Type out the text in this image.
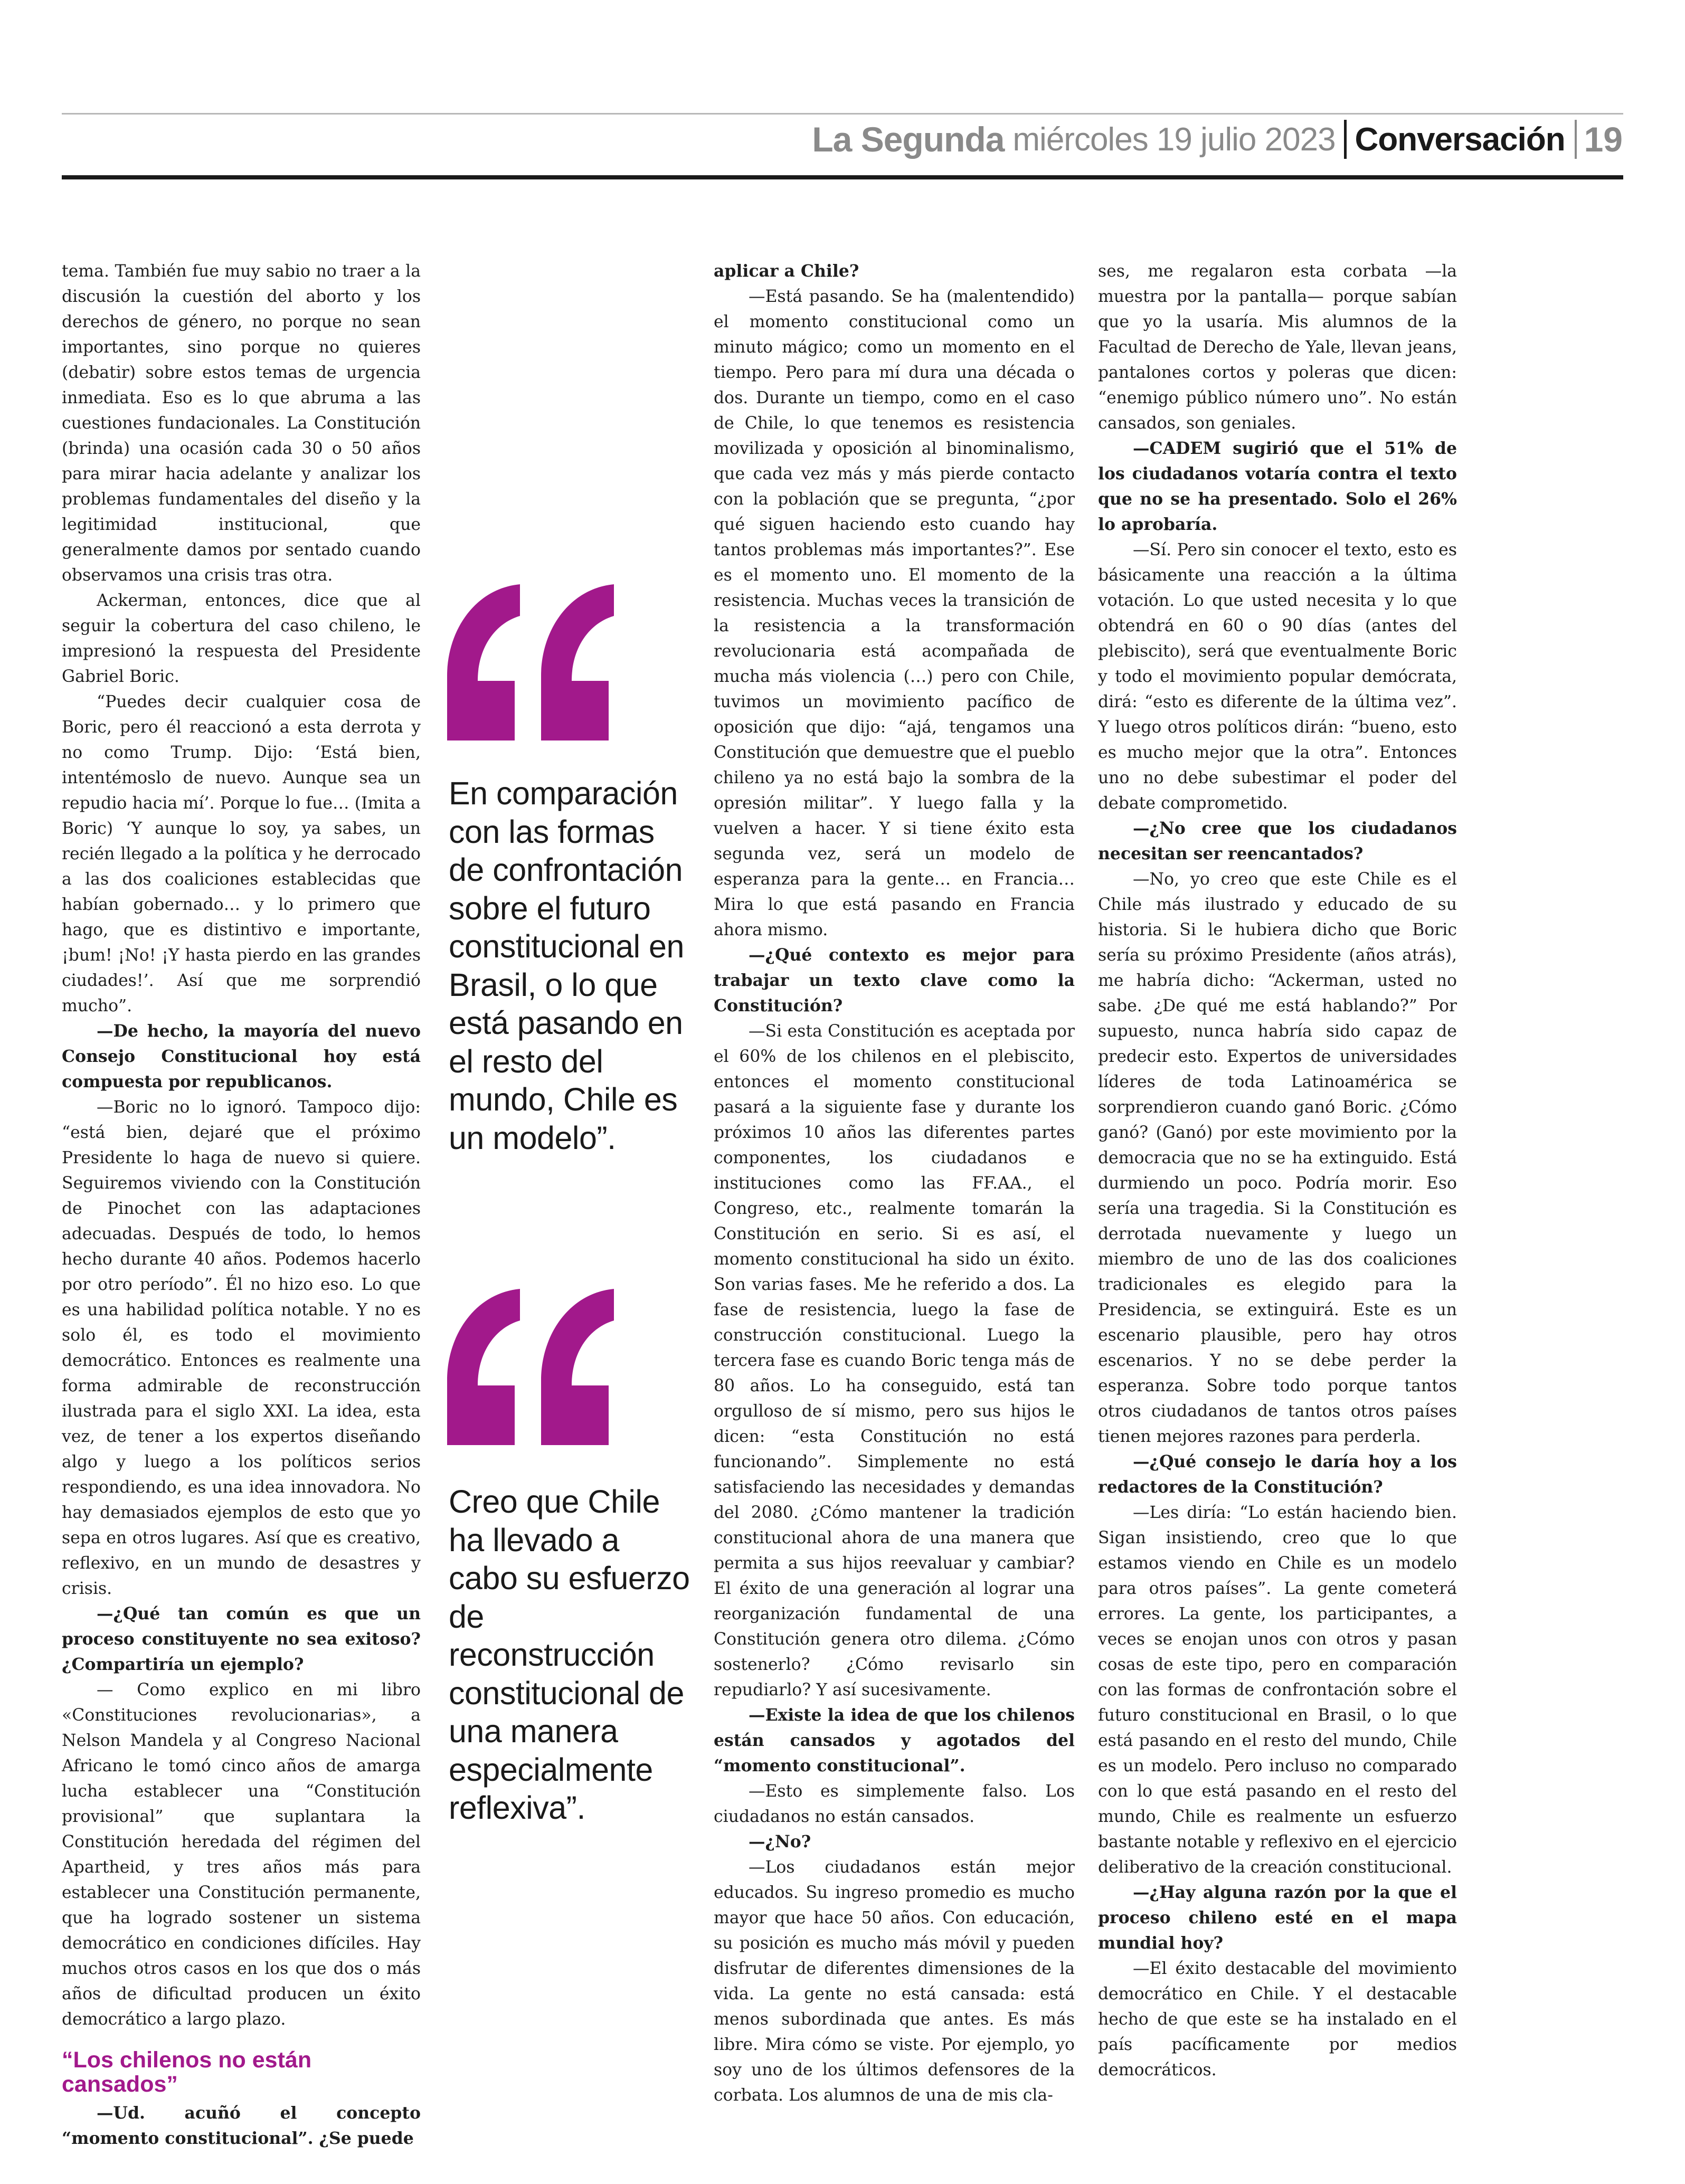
La Segunda miércoles 19 julio 2023 Conversación 19

tema. También fue muy sabio no traer a la discusión la cuestión del aborto y los derechos de género, no porque no sean importantes, sino porque no quieres (debatir) sobre estos temas de urgencia inmediata. Eso es lo que abruma a las cuestiones fundacionales. La Constitución (brinda) una ocasión cada 30 o 50 años para mirar hacia adelante y analizar los problemas fundamentales del diseño y la legitimidad institucional, que generalmente damos por sentado cuando observamos una crisis tras otra.

Ackerman, entonces, dice que al seguir la cobertura del caso chileno, le impresionó la respuesta del Presidente Gabriel Boric.

“Puedes decir cualquier cosa de Boric, pero él reaccionó a esta derrota y no como Trump. Dijo: ‘Está bien, intentémoslo de nuevo. Aunque sea un repudio hacia mí’. Porque lo fue… (Imita a Boric) ‘Y aunque lo soy, ya sabes, un recién llegado a la política y he derrocado a las dos coaliciones establecidas que habían gobernado… y lo primero que hago, que es distintivo e importante, ¡bum! ¡No! ¡Y hasta pierdo en las grandes ciudades!’. Así que me sorprendió mucho”.

—De hecho, la mayoría del nuevo Consejo Constitucional hoy está compuesta por republicanos.

—Boric no lo ignoró. Tampoco dijo: “está bien, dejaré que el próximo Presidente lo haga de nuevo si quiere. Seguiremos viviendo con la Constitución de Pinochet con las adaptaciones adecuadas. Después de todo, lo hemos hecho durante 40 años. Podemos hacerlo por otro período”. Él no hizo eso. Lo que es una habilidad política notable. Y no es solo él, es todo el movimiento democrático. Entonces es realmente una forma admirable de reconstrucción ilustrada para el siglo XXI. La idea, esta vez, de tener a los expertos diseñando algo y luego a los políticos serios respondiendo, es una idea innovadora. No hay demasiados ejemplos de esto que yo sepa en otros lugares. Así que es creativo, reflexivo, en un mundo de desastres y crisis.

—¿Qué tan común es que un proceso constituyente no sea exitoso? ¿Compartiría un ejemplo?

— Como explico en mi libro «Constituciones revolucionarias», a Nelson Mandela y al Congreso Nacional Africano le tomó cinco años de amarga lucha establecer una “Constitución provisional” que suplantara la Constitución heredada del régimen del Apartheid, y tres años más para establecer una Constitución permanente, que ha logrado sostener un sistema democrático en condiciones difíciles. Hay muchos otros casos en los que dos o más años de dificultad producen un éxito democrático a largo plazo.

“Los chilenos no están cansados”

—Ud. acuñó el concepto “momento constitucional”. ¿Se puede

En comparación con las formas de confrontación sobre el futuro constitucional en Brasil, o lo que está pasando en el resto del mundo, Chile es un modelo”.
Creo que Chile ha llevado a cabo su esfuerzo de reconstrucción constitucional de una manera especialmente reflexiva”.

aplicar a Chile?

—Está pasando. Se ha (malentendido) el momento constitucional como un minuto mágico; como un momento en el tiempo. Pero para mí dura una década o dos. Durante un tiempo, como en el caso de Chile, lo que tenemos es resistencia movilizada y oposición al binominalismo, que cada vez más y más pierde contacto con la población que se pregunta, “¿por qué siguen haciendo esto cuando hay tantos problemas más importantes?”. Ese es el momento uno. El momento de la resistencia. Muchas veces la transición de la resistencia a la transformación revolucionaria está acompañada de mucha más violencia (…) pero con Chile, tuvimos un movimiento pacífico de oposición que dijo: “ajá, tengamos una Constitución que demuestre que el pueblo chileno ya no está bajo la sombra de la opresión militar”. Y luego falla y la vuelven a hacer. Y si tiene éxito esta segunda vez, será un modelo de esperanza para la gente… en Francia… Mira lo que está pasando en Francia ahora mismo.

—¿Qué contexto es mejor para trabajar un texto clave como la Constitución?

—Si esta Constitución es aceptada por el 60% de los chilenos en el plebiscito, entonces el momento constitucional pasará a la siguiente fase y durante los próximos 10 años las diferentes partes componentes, los ciudadanos e instituciones como las FF.AA., el Congreso, etc., realmente tomarán la Constitución en serio. Si es así, el momento constitucional ha sido un éxito. Son varias fases. Me he referido a dos. La fase de resistencia, luego la fase de construcción constitucional. Luego la tercera fase es cuando Boric tenga más de 80 años. Lo ha conseguido, está tan orgulloso de sí mismo, pero sus hijos le dicen: “esta Constitución no está funcionando”. Simplemente no está satisfaciendo las necesidades y demandas del 2080. ¿Cómo mantener la tradición constitucional ahora de una manera que permita a sus hijos reevaluar y cambiar? El éxito de una generación al lograr una reorganización fundamental de una Constitución genera otro dilema. ¿Cómo sostenerlo? ¿Cómo revisarlo sin repudiarlo? Y así sucesivamente.

—Existe la idea de que los chilenos están cansados y agotados del “momento constitucional”.

—Esto es simplemente falso. Los ciudadanos no están cansados.

—¿No?

—Los ciudadanos están mejor educados. Su ingreso promedio es mucho mayor que hace 50 años. Con educación, su posición es mucho más móvil y pueden disfrutar de diferentes dimensiones de la vida. La gente no está cansada: está menos subordinada que antes. Es más libre. Mira cómo se viste. Por ejemplo, yo soy uno de los últimos defensores de la corbata. Los alumnos de una de mis cla-

ses, me regalaron esta corbata —la muestra por la pantalla— porque sabían que yo la usaría. Mis alumnos de la Facultad de Derecho de Yale, llevan jeans, pantalones cortos y poleras que dicen: “enemigo público número uno”. No están cansados, son geniales.

—CADEM sugirió que el 51% de los ciudadanos votaría contra el texto que no se ha presentado. Solo el 26% lo aprobaría.

—Sí. Pero sin conocer el texto, esto es básicamente una reacción a la última votación. Lo que usted necesita y lo que obtendrá en 60 o 90 días (antes del plebiscito), será que eventualmente Boric y todo el movimiento popular demócrata, dirá: “esto es diferente de la última vez”. Y luego otros políticos dirán: “bueno, esto es mucho mejor que la otra”. Entonces uno no debe subestimar el poder del debate comprometido.

—¿No cree que los ciudadanos necesitan ser reencantados?

—No, yo creo que este Chile es el Chile más ilustrado y educado de su historia. Si le hubiera dicho que Boric sería su próximo Presidente (años atrás), me habría dicho: “Ackerman, usted no sabe. ¿De qué me está hablando?” Por supuesto, nunca habría sido capaz de predecir esto. Expertos de universidades líderes de toda Latinoamérica se sorprendieron cuando ganó Boric. ¿Cómo ganó? (Ganó) por este movimiento por la democracia que no se ha extinguido. Está durmiendo un poco. Podría morir. Eso sería una tragedia. Si la Constitución es derrotada nuevamente y luego un miembro de uno de las dos coaliciones tradicionales es elegido para la Presidencia, se extinguirá. Este es un escenario plausible, pero hay otros escenarios. Y no se debe perder la esperanza. Sobre todo porque tantos otros ciudadanos de tantos otros países tienen mejores razones para perderla.

—¿Qué consejo le daría hoy a los redactores de la Constitución?

—Les diría: “Lo están haciendo bien. Sigan insistiendo, creo que lo que estamos viendo en Chile es un modelo para otros países”. La gente cometerá errores. La gente, los participantes, a veces se enojan unos con otros y pasan cosas de este tipo, pero en comparación con las formas de confrontación sobre el futuro constitucional en Brasil, o lo que está pasando en el resto del mundo, Chile es un modelo. Pero incluso no comparado con lo que está pasando en el resto del mundo, Chile es realmente un esfuerzo bastante notable y reflexivo en el ejercicio deliberativo de la creación constitucional.

—¿Hay alguna razón por la que el proceso chileno esté en el mapa mundial hoy?

—El éxito destacable del movimiento democrático en Chile. Y el destacable hecho de que este se ha instalado en el país pacíficamente por medios democráticos.
